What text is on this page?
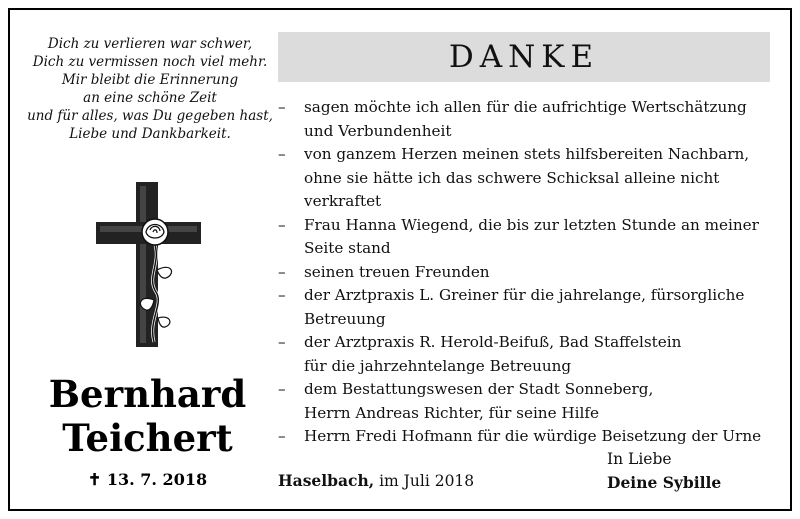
Dich zu verlieren war schwer,
Dich zu vermissen noch viel mehr.
Mir bleibt die Erinnerung
an eine schöne Zeit
und für alles, was Du gegeben hast,
Liebe und Dankbarkeit.
Bernhard
Teichert
✝ 13. 7. 2018
DANKE
– sagen möchte ich allen für die aufrichtige Wertschätzung
und Verbundenheit
– von ganzem Herzen meinen stets hilfsbereiten Nachbarn,
ohne sie hätte ich das schwere Schicksal alleine nicht verkraftet
– Frau Hanna Wiegend, die bis zur letzten Stunde an meiner
Seite stand
– seinen treuen Freunden
– der Arztpraxis L. Greiner für die jahrelange, fürsorgliche
Betreuung
– der Arztpraxis R. Herold-Beifuß, Bad Staffelstein
für die jahrzehntelange Betreuung
– dem Bestattungswesen der Stadt Sonneberg,
Herrn Andreas Richter, für seine Hilfe
– Herrn Fredi Hofmann für die würdige Beisetzung der Urne
Haselbach, im Juli 2018
In Liebe
Deine Sybille
